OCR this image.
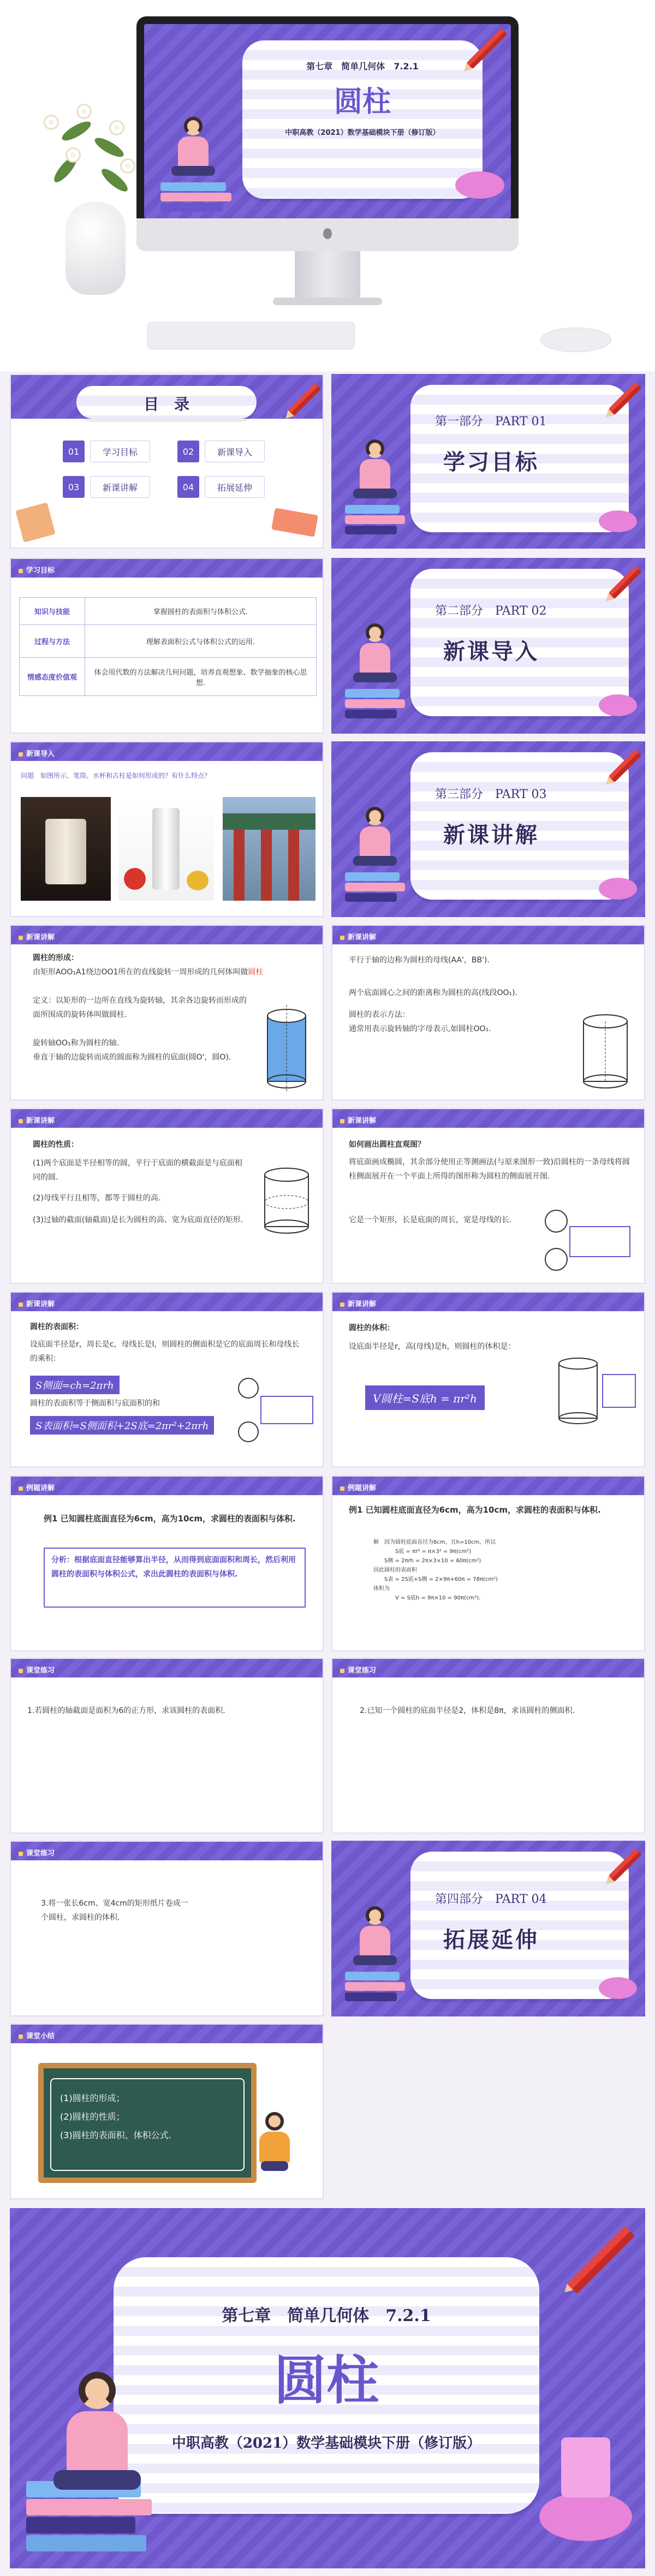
第七章　简单几何体　7.2.1
圆柱
中职高教（2021）数学基础模块下册（修订版）
目　录
01	学习目标	02	新课导入
03	新课讲解	04	拓展延伸
第一部分　PART 01
学习目标
学习目标
知识与技能	掌握圆柱的表面积与体积公式.
过程与方法	理解表面积公式与体积公式的运用.
情感态度价值观	体会用代数的方法解决几何问题，培养直观想象、数学抽象的核心思想.
第二部分　PART 02
新课导入
新课导入
问题　如图所示，笔筒、水杯和古柱是如何形成的？有什么特点？
第三部分　PART 03
新课讲解
新课讲解
圆柱的形成：
由矩形AOO₁A1绕边OO1所在的直线旋转一周形成的几何体叫做圆柱
定义：以矩形的一边所在直线为旋转轴，其余各边旋转而形成的面所围成的旋转体叫做圆柱.
旋转轴OO₁称为圆柱的轴.
垂直于轴的边旋转而成的圆面称为圆柱的底面(圆O'，圆O).
新课讲解
平行于轴的边称为圆柱的母线(AA'，BB').
两个底面圆心之间的距离称为圆柱的高(线段OO₁).
圆柱的表示方法：
通常用表示旋转轴的字母表示,如圆柱OO₁.
新课讲解
圆柱的性质：
(1)两个底面是半径相等的圆，平行于底面的横截面是与底面相同的圆.
(2)母线平行且相等，都等于圆柱的高.
(3)过轴的截面(轴截面)是长为圆柱的高、宽为底面直径的矩形.
新课讲解
如何画出圆柱直观图？
将底面画成椭圆，其余部分使用正等测画法(与原来图形一致)沿圆柱的一条母线将圆柱侧面展开在一个平面上所得的图形称为圆柱的侧面展开图.
它是一个矩形，长是底面的周长，宽是母线的长.
新课讲解
圆柱的表面积：
设底面半径是r，周长是c，母线长是l，则圆柱的侧面积是它的底面周长和母线长的乘积：
S侧面=ch=2πrh
圆柱的表面积等于侧面积与底面积的和
S表面积=S侧面积+2S底=2πr²+2πrh
新课讲解
圆柱的体积：
设底面半径是r，高(母线)是h，则圆柱的体积是：
V圆柱=S底h = πr²h
例题讲解
例1 已知圆柱底面直径为6cm，高为10cm，求圆柱的表面积与体积.
分析：根据底面直径能够算出半径，从而得到底面面积和周长，然后利用圆柱的表面积与体积公式，求出此圆柱的表面积与体积.
例题讲解
例1 已知圆柱底面直径为6cm，高为10cm，求圆柱的表面积与体积.
解　因为圆柱底面直径为6cm，且h=10cm，所以
S底 = πr² = π×3² = 9π(cm²)
S侧 = 2πrh = 2π×3×10 = 60π(cm²)
因此圆柱的表面积
S表 = 2S底+S侧 = 2×9π+60π = 78π(cm²)
体积为
V = S底h = 9π×10 = 90π(cm³).
课堂练习
1.若圆柱的轴截面是面积为6的正方形，求该圆柱的表面积.
课堂练习
2.已知一个圆柱的底面半径是2，体积是8π，求该圆柱的侧面积.
课堂练习
3.将一张长6cm、宽4cm的矩形纸片卷成一个圆柱，求圆柱的体积.
第四部分　PART 04
拓展延伸
课堂小结
(1)圆柱的形成；
(2)圆柱的性质；
(3)圆柱的表面积、体积公式.
第七章　简单几何体　7.2.1
圆柱
中职高教（2021）数学基础模块下册（修订版）
